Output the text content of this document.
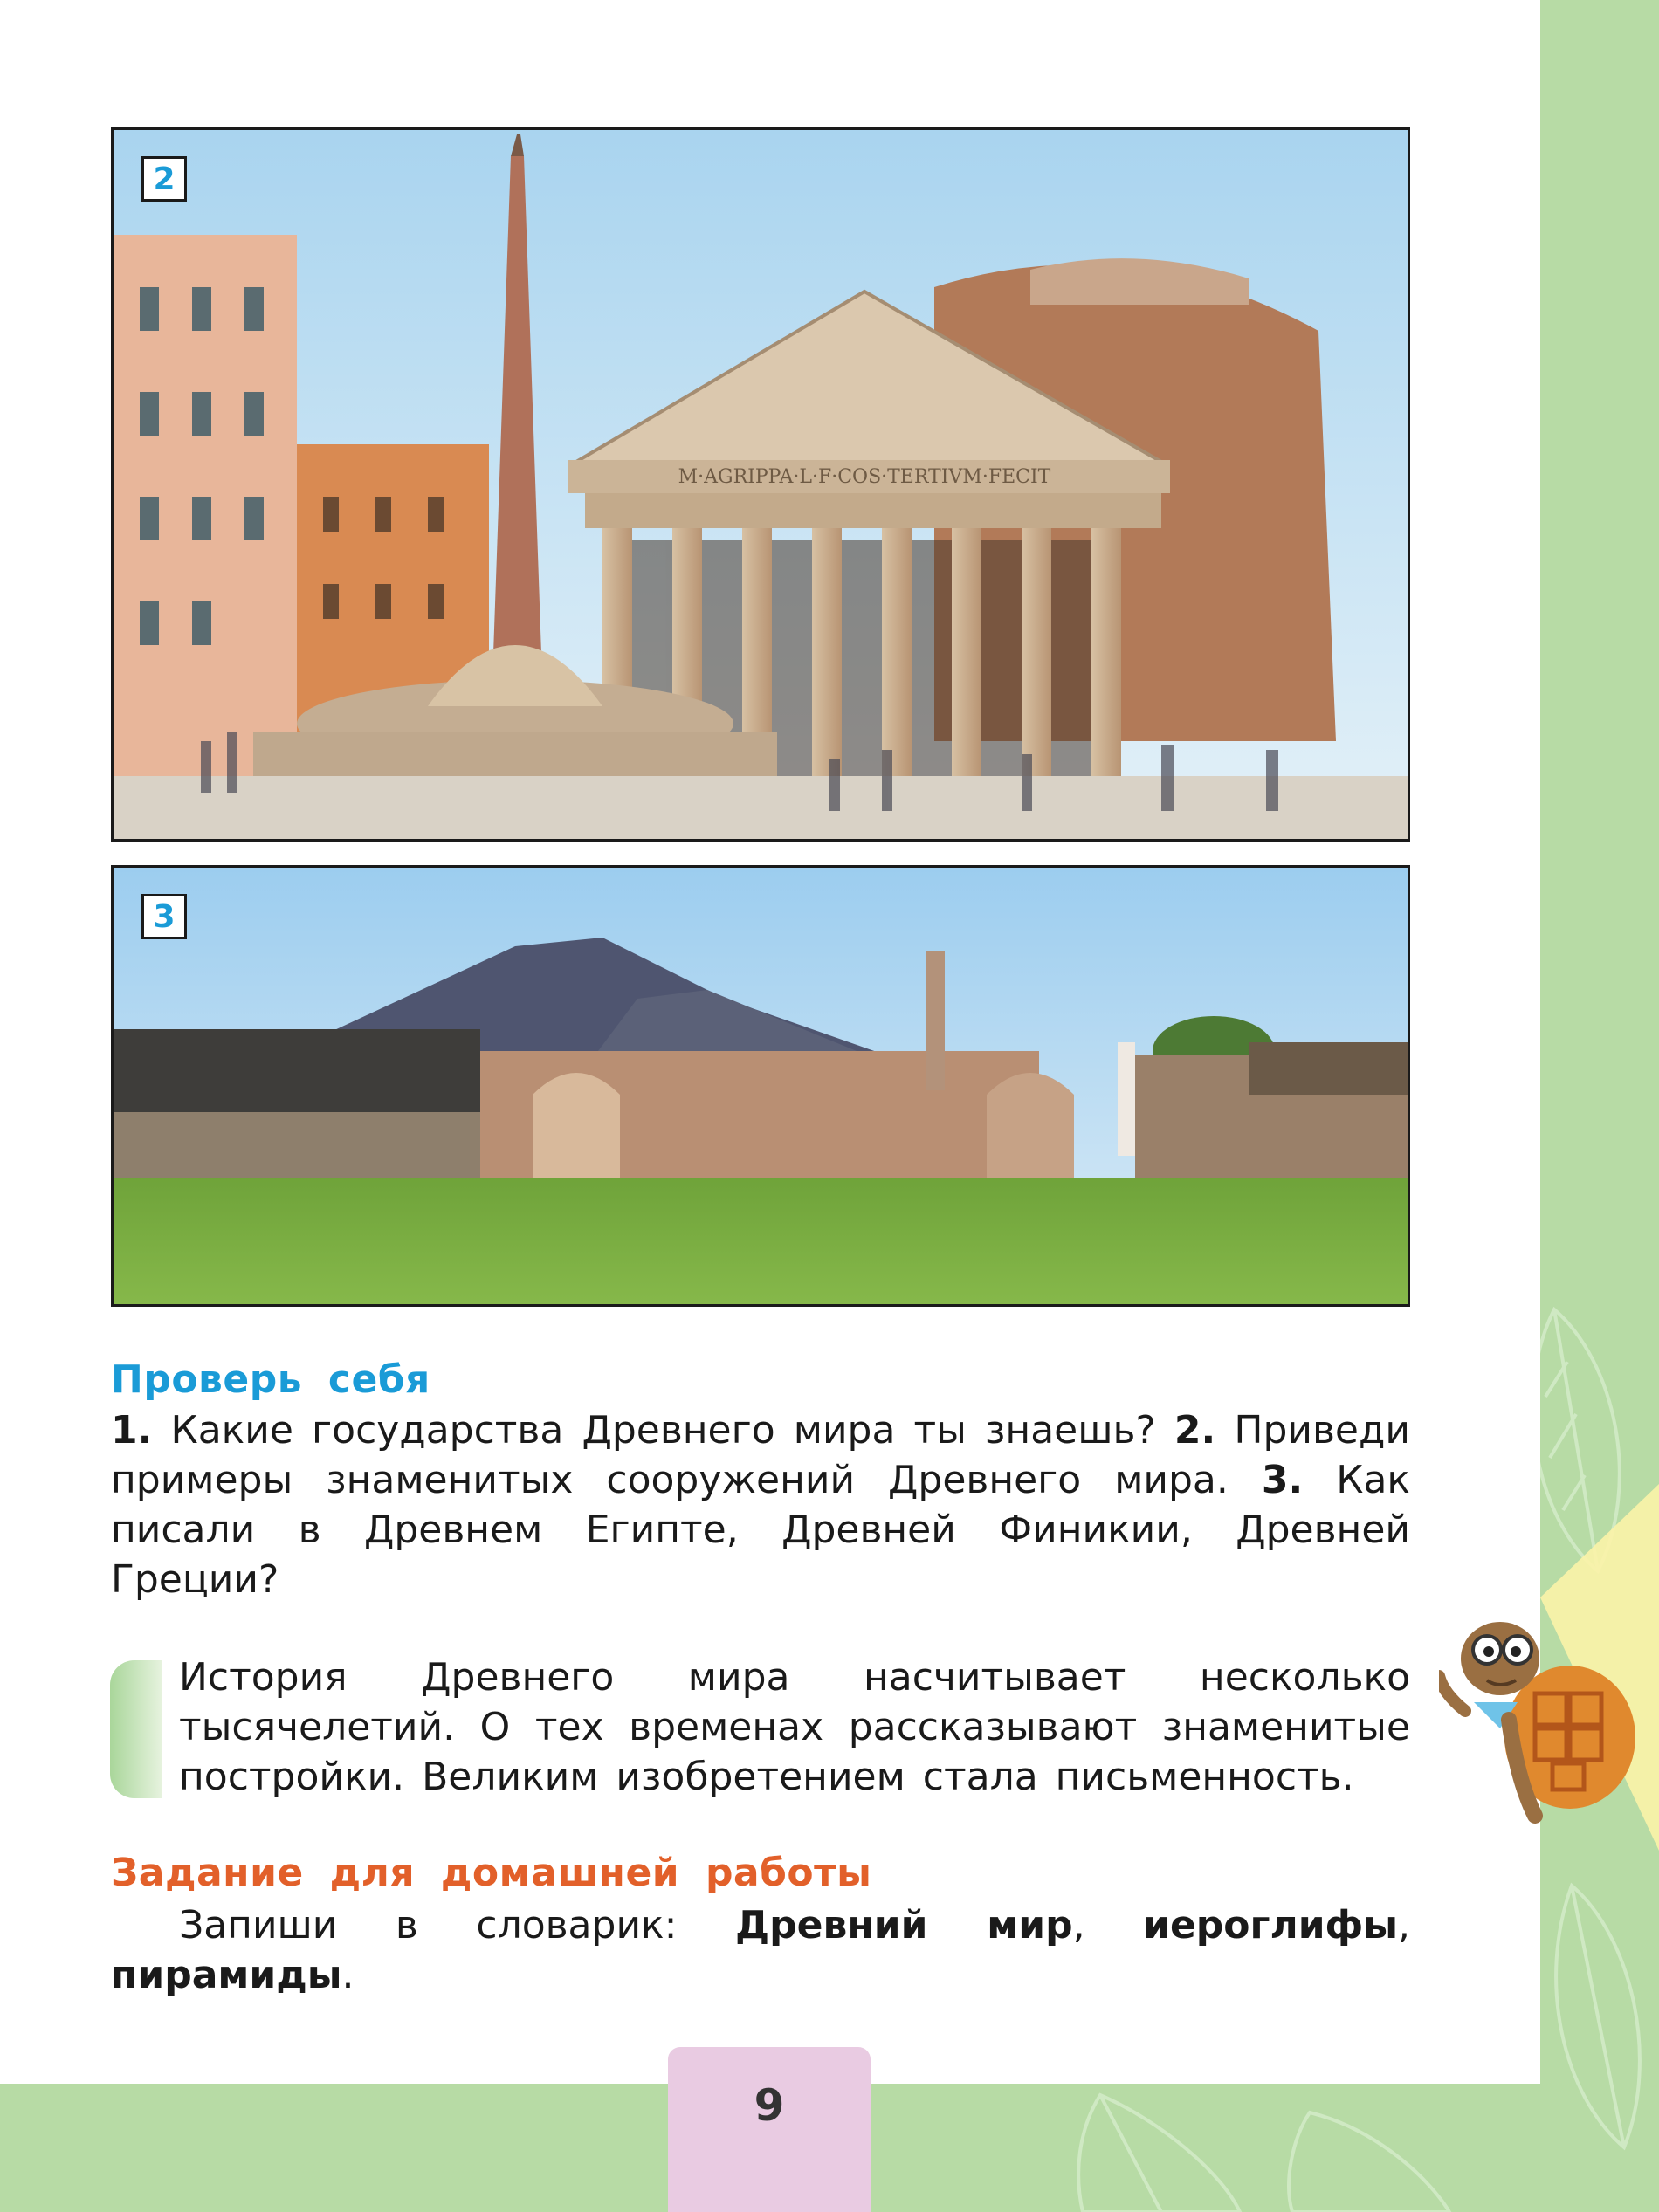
M·AGRIPPA·L·F·COS·TERTIVM·FECIT
2
3
Проверь себя
1. Какие государства Древнего мира ты знаешь? 2. Приведи примеры знаменитых сооружений Древнего мира. 3. Как писали в Древнем Египте, Древней Финикии, Древней Греции?
История Древнего мира насчитывает несколько тысячелетий. О тех временах рассказывают знаменитые постройки. Великим изобретением стала письменность.
Задание для домашней работы
Запиши в словарик: Древний мир, иероглифы, пирамиды.
9
